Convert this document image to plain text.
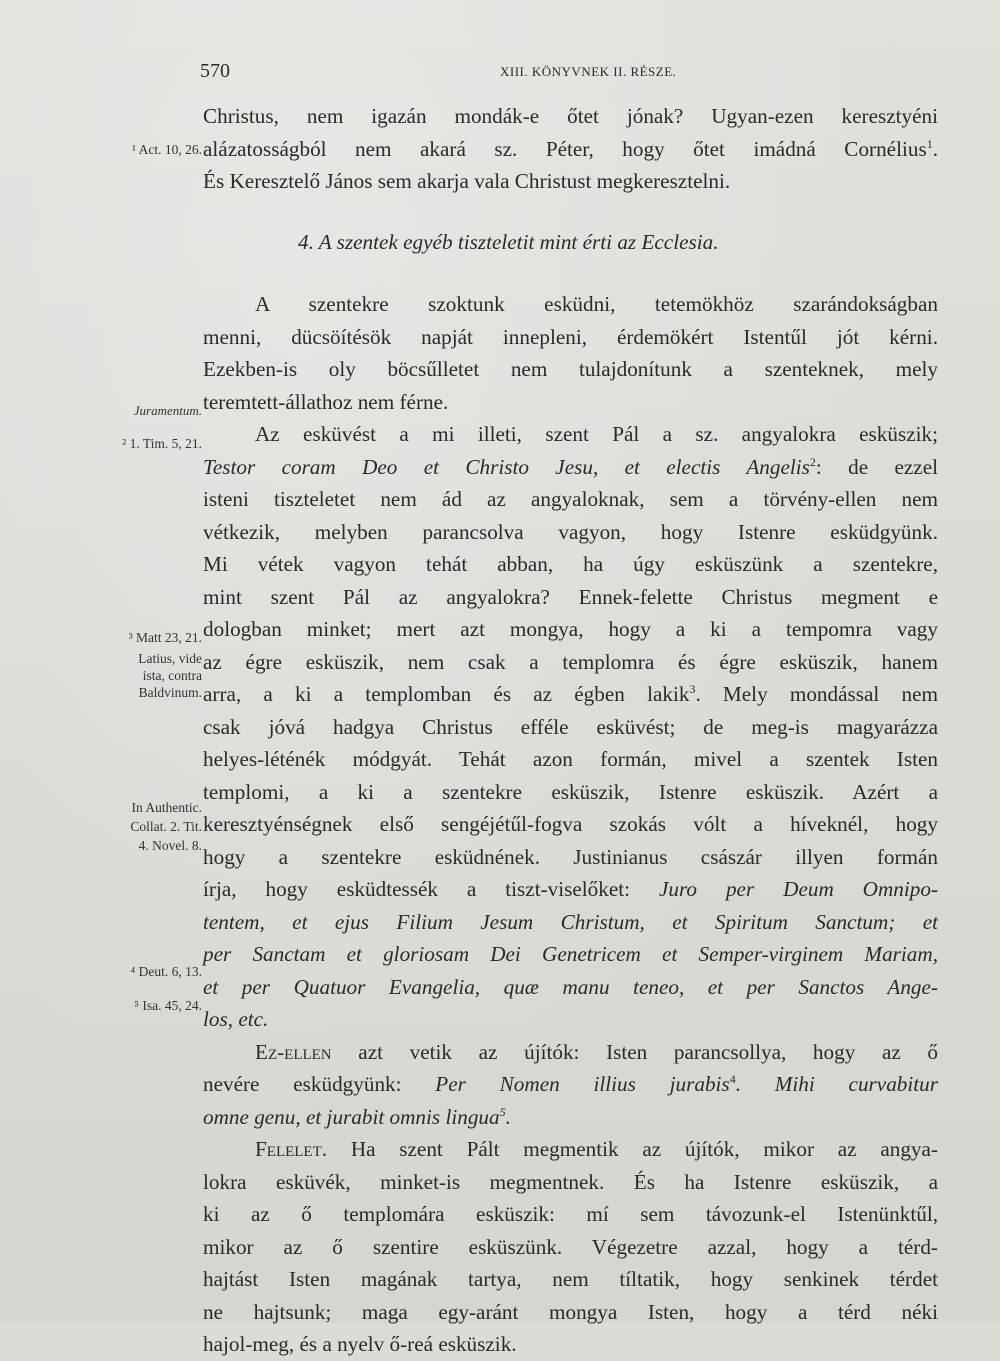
570	XIII. KÖNYVNEK II. RÉSZE.
¹ Act. 10, 26.
Juramentum.
² 1. Tim. 5, 21.
³ Matt 23, 21.
Latius, vide
ista, contra
Baldvinum.
In Authentic.
Collat. 2. Tit.
4. Novel. 8.
⁴ Deut. 6, 13.
⁵ Isa. 45, 24.
Christus, nem igazán mondák-e őtet jónak? Ugyan-ezen keresztyéni
alázatosságból nem akará sz. Péter, hogy őtet imádná Cornélius$^1$.
És Keresztelő János sem akarja vala Christust megkeresztelni.
4. A szentek egyéb tiszteletit mint érti az Ecclesia.
A szentekre szoktunk esküdni, tetemökhöz szarándokságban
menni, dücsöítésök napját innepleni, érdemökért Istentűl jót kérni.
Ezekben-is oly böcsűlletet nem tulajdonítunk a szenteknek, mely
teremtett-állathoz nem férne.
Az esküvést a mi illeti, szent Pál a sz. angyalokra esküszik;
Testor coram Deo et Christo Jesu, et electis Angelis$^2$: de ezzel
isteni tiszteletet nem ád az angyaloknak, sem a törvény-ellen nem
vétkezik, melyben parancsolva vagyon, hogy Istenre esküdgyünk.
Mi vétek vagyon tehát abban, ha úgy esküszünk a szentekre,
mint szent Pál az angyalokra? Ennek-felette Christus megment e
dologban minket; mert azt mongya, hogy a ki a tempomra vagy
az égre esküszik, nem csak a templomra és égre esküszik, hanem
arra, a ki a templomban és az égben lakik$^3$. Mely mondással nem
csak jóvá hadgya Christus efféle esküvést; de meg-is magyarázza
helyes-léténék módgyát. Tehát azon formán, mivel a szentek Isten
templomi, a ki a szentekre esküszik, Istenre esküszik. Azért a
keresztyénségnek első sengéjétűl-fogva szokás vólt a híveknél, hogy
hogy a szentekre esküdnének. Justinianus császár illyen formán
írja, hogy esküdtessék a tiszt-viselőket: Juro per Deum Omnipo-
tentem, et ejus Filium Jesum Christum, et Spiritum Sanctum; et
per Sanctam et gloriosam Dei Genetricem et Semper-virginem Mariam,
et per Quatuor Evangelia, quæ manu teneo, et per Sanctos Ange-
los, etc.
Ez-ellen azt vetik az újítók: Isten parancsollya, hogy az ő
nevére esküdgyünk: Per Nomen illius jurabis$^4$. Mihi curvabitur
omne genu, et jurabit omnis lingua$^5$.
Felelet. Ha szent Pált megmentik az újítók, mikor az angya-
lokra esküvék, minket-is megmentnek. És ha Istenre esküszik, a
ki az ő templomára esküszik: mí sem távozunk-el Istenünktűl,
mikor az ő szentire esküszünk. Végezetre azzal, hogy a térd-
hajtást Isten magának tartya, nem tíltatik, hogy senkinek térdet
ne hajtsunk; maga egy-aránt mongya Isten, hogy a térd néki
hajol-meg, és a nyelv ő-reá esküszik.
